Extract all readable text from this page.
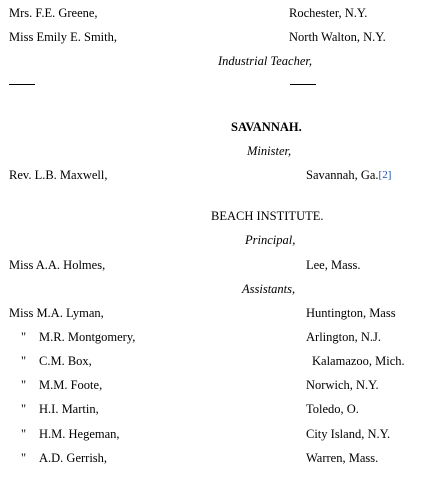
Mrs. F.E. Greene,	Rochester, N.Y.
Miss Emily E. Smith,	North Walton, N.Y.
Industrial Teacher,
SAVANNAH.
Minister,
Rev. L.B. Maxwell,	Savannah, Ga.[2]
BEACH INSTITUTE.
Principal,
Miss A.A. Holmes,	Lee, Mass.
Assistants,
Miss M.A. Lyman,	Huntington, Mass
" M.R. Montgomery,	Arlington, N.J.
" C.M. Box,	Kalamazoo, Mich.
" M.M. Foote,	Norwich, N.Y.
" H.I. Martin,	Toledo, O.
" H.M. Hegeman,	City Island, N.Y.
" A.D. Gerrish,	Warren, Mass.
